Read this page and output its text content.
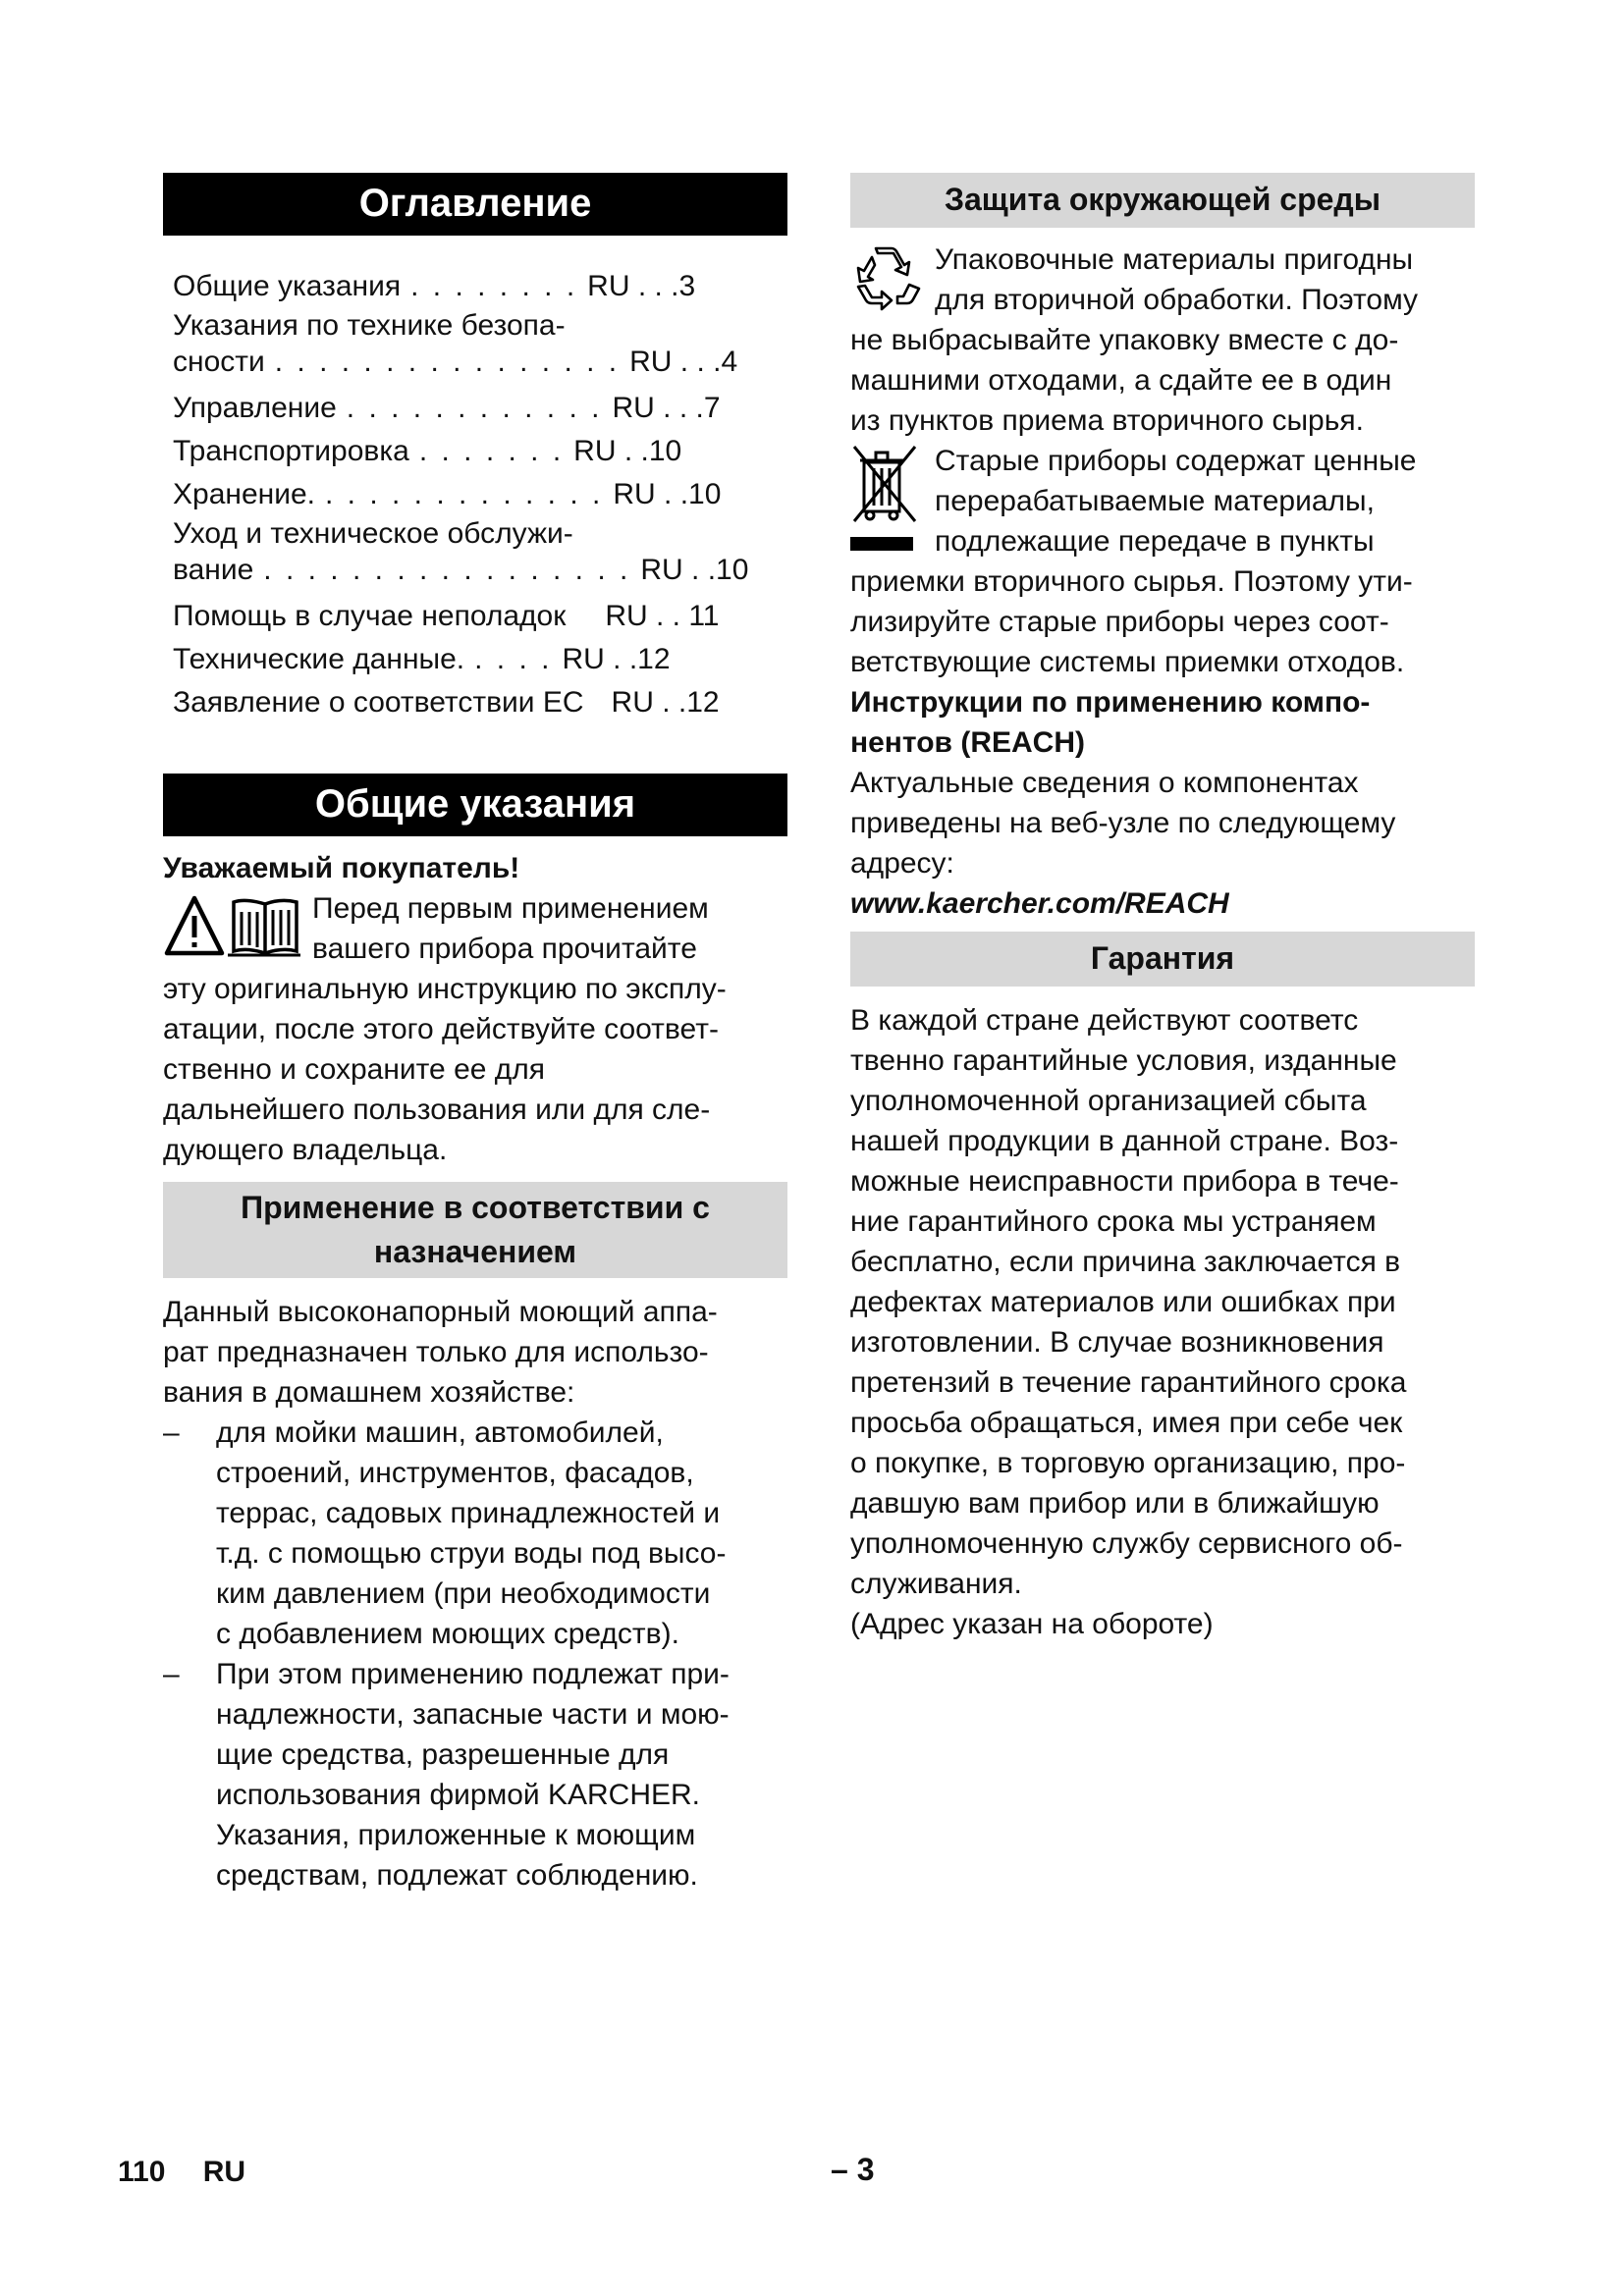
Оглавление
Общие указания . . . . . . . . RU . . .3
Указания по технике безопа-
сности . . . . . . . . . . . . . . . . RU . . .4
Управление . . . . . . . . . . . . RU . . .7
Транспортировка . . . . . . . RU . .10
Хранение. . . . . . . . . . . . . . RU . .10
Уход и техническое обслужи-
вание . . . . . . . . . . . . . . . . . RU . .10
Помощь в случае неполадок	RU . . 11
Технические данные. . . . . RU . .12
Заявление о соответствии ЕС RU . .12
Общие указания

Уважаемый покупатель!

Перед первым применением

вашего прибора прочитайте

эту оригинальную инструкцию по эксплу-

атации, после этого действуйте соответ-

ственно и сохраните ее для

дальнейшего пользования или для сле-

дующего владельца.

Применение в соответствии с
назначением

Данный высоконапорный моющий аппа-

рат предназначен только для использо-

вания в домашнем хозяйстве:

– для мойки машин, автомобилей,

строений, инструментов, фасадов,

террас, садовых принадлежностей и

т.д. с помощью струи воды под высо-

ким давлением (при необходимости

с добавлением моющих средств).

– При этом применению подлежат при-

надлежности, запасные части и мою-

щие средства, разрешенные для

использования фирмой KARCHER.

Указания, приложенные к моющим

средствам, подлежат соблюдению.

Защита окружающей среды

Упаковочные материалы пригодны

для вторичной обработки. Поэтому

не выбрасывайте упаковку вместе с до-

машними отходами, а сдайте ее в один

из пунктов приема вторичного сырья.

Старые приборы содержат ценные

перерабатываемые материалы,

подлежащие передаче в пункты

приемки вторичного сырья. Поэтому ути-

лизируйте старые приборы через соот-

ветствующие системы приемки отходов.

Инструкции по применению компо-

нентов (REACH)

Актуальные сведения о компонентах

приведены на веб-узле по следующему

адресу:

www.kaercher.com/REACH

Гарантия

В каждой стране действуют соответс

твенно гарантийные условия, изданные

уполномоченной организацией сбыта

нашей продукции в данной стране. Воз-

можные неисправности прибора в тече-

ние гарантийного срока мы устраняем

бесплатно, если причина заключается в

дефектах материалов или ошибках при

изготовлении. В случае возникновения

претензий в течение гарантийного срока

просьба обращаться, имея при себе чек

о покупке, в торговую организацию, про-

давшую вам прибор или в ближайшую

уполномоченную службу сервисного об-

служивания.

(Адрес указан на обороте)

110 RU	– 3
